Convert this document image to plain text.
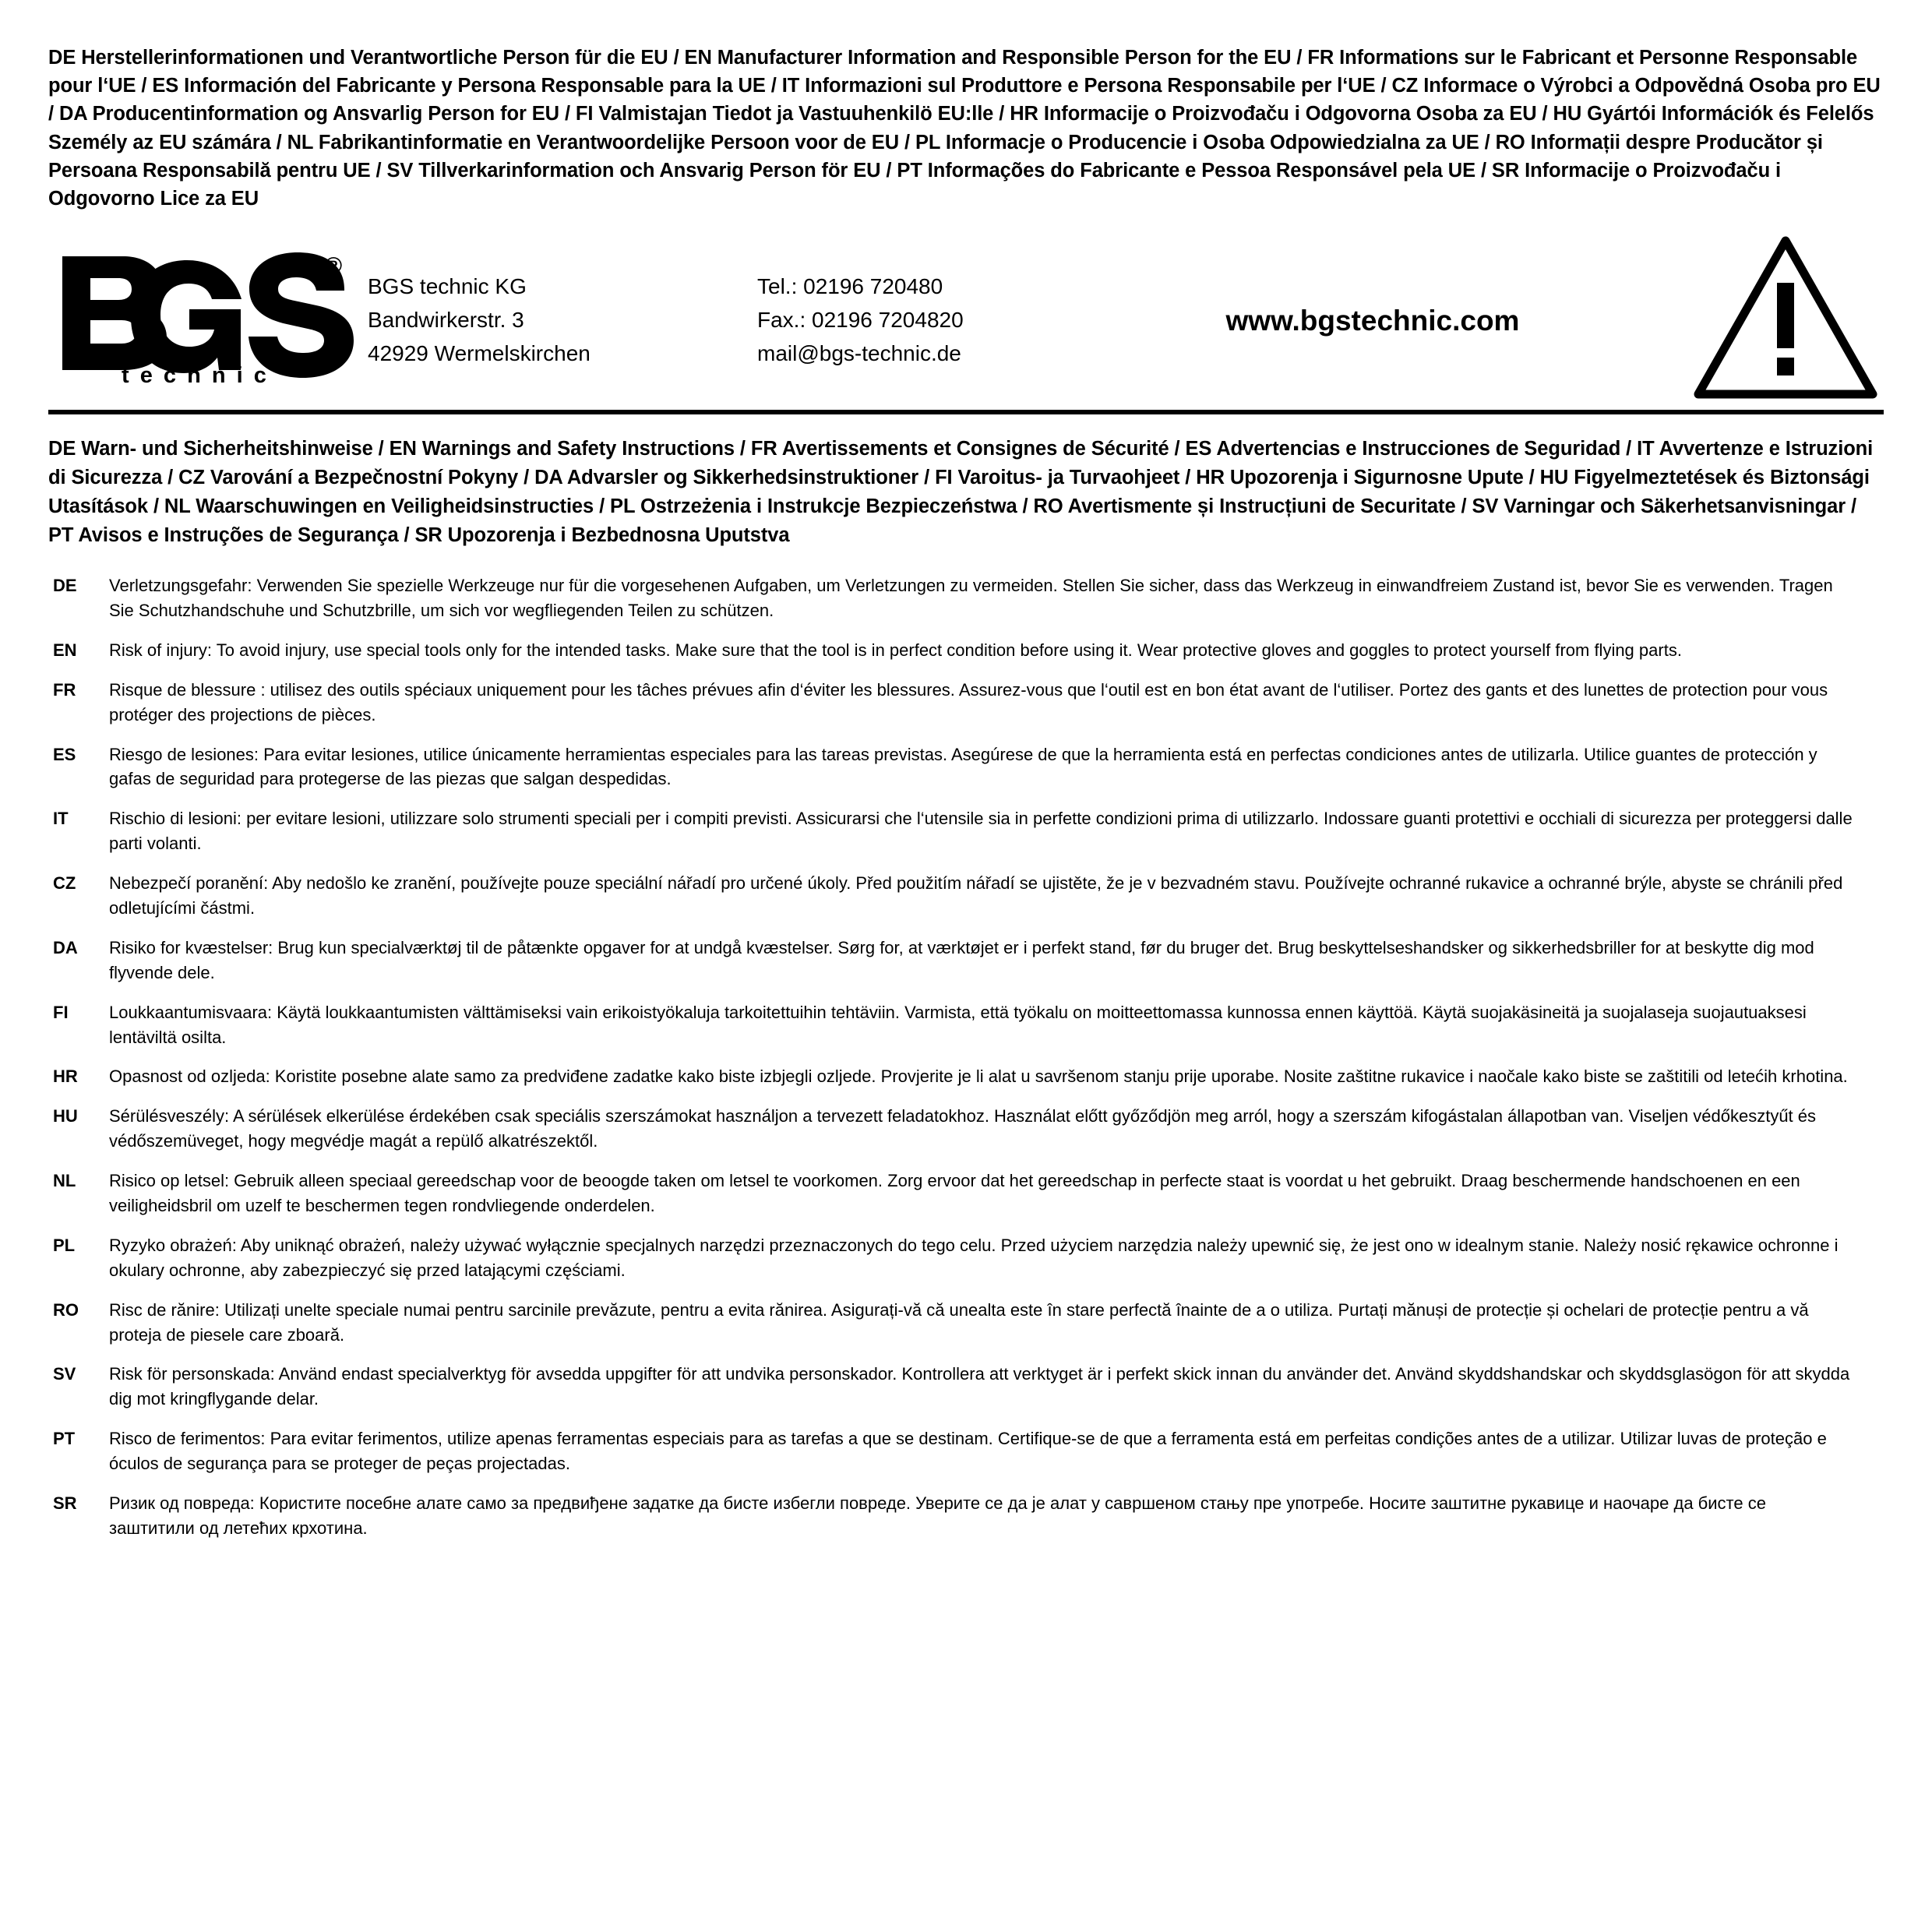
DE Herstellerinformationen und Verantwortliche Person für die EU / EN Manufacturer Information and Responsible Person for the EU / FR Informations sur le Fabricant et Personne Responsable pour l‘UE / ES Información del Fabricante y Persona Responsable para la UE / IT Informazioni sul Produttore e Persona Responsabile per l‘UE / CZ Informace o Výrobci a Odpovědná Osoba pro EU / DA Producentinformation og Ansvarlig Person for EU / FI Valmistajan Tiedot ja Vastuuhenkilö EU:lle / HR Informacije o Proizvođaču i Odgovorna Osoba za EU / HU Gyártói Információk és Felelős Személy az EU számára / NL Fabrikantinformatie en Verantwoordelijke Persoon voor de EU / PL Informacje o Producencie i Osoba Odpowiedzialna za UE / RO Informații despre Producător și Persoana Responsabilă pentru UE / SV Tillverkarinformation och Ansvarig Person för EU / PT Informações do Fabricante e Pessoa Responsável pela UE / SR Informacije o Proizvođaču i Odgovorno Lice za EU
®
t e c h n i c
BGS technic KG
Bandwirkerstr. 3
42929 Wermelskirchen
Tel.: 02196 720480
Fax.: 02196 7204820
mail@bgs-technic.de
www.bgstechnic.com
DE Warn- und Sicherheitshinweise / EN Warnings and Safety Instructions / FR Avertissements et Consignes de Sécurité / ES Advertencias e Instrucciones de Seguridad / IT Avvertenze e Istruzioni di Sicurezza / CZ Varování a Bezpečnostní Pokyny / DA Advarsler og Sikkerhedsinstruktioner / FI Varoitus- ja Turvaohjeet / HR Upozorenja i Sigurnosne Upute / HU Figyelmeztetések és Biztonsági Utasítások / NL Waarschuwingen en Veiligheidsinstructies / PL Ostrzeżenia i Instrukcje Bezpieczeństwa / RO Avertismente și Instrucțiuni de Securitate / SV Varningar och Säkerhetsanvisningar / PT Avisos e Instruções de Segurança / SR Upozorenja i Bezbednosna Uputstva
DE	Verletzungsgefahr: Verwenden Sie spezielle Werkzeuge nur für die vorgesehenen Aufgaben, um Verletzungen zu vermeiden. Stellen Sie sicher, dass das Werkzeug in einwandfreiem Zustand ist, bevor Sie es verwenden. Tragen Sie Schutzhandschuhe und Schutzbrille, um sich vor wegfliegenden Teilen zu schützen.
EN	Risk of injury: To avoid injury, use special tools only for the intended tasks. Make sure that the tool is in perfect condition before using it. Wear protective gloves and goggles to protect yourself from flying parts.
FR	Risque de blessure : utilisez des outils spéciaux uniquement pour les tâches prévues afin d‘éviter les blessures. Assurez-vous que l‘outil est en bon état avant de l‘utiliser. Portez des gants et des lunettes de protection pour vous protéger des projections de pièces.
ES	Riesgo de lesiones: Para evitar lesiones, utilice únicamente herramientas especiales para las tareas previstas. Asegúrese de que la herramienta está en perfectas condiciones antes de utilizarla. Utilice guantes de protección y gafas de seguridad para protegerse de las piezas que salgan despedidas.
IT	Rischio di lesioni: per evitare lesioni, utilizzare solo strumenti speciali per i compiti previsti. Assicurarsi che l‘utensile sia in perfette condizioni prima di utilizzarlo. Indossare guanti protettivi e occhiali di sicurezza per proteggersi dalle parti volanti.
CZ	Nebezpečí poranění: Aby nedošlo ke zranění, používejte pouze speciální nářadí pro určené úkoly. Před použitím nářadí se ujistěte, že je v bezvadném stavu. Používejte ochranné rukavice a ochranné brýle, abyste se chránili před odletujícími částmi.
DA	Risiko for kvæstelser: Brug kun specialværktøj til de påtænkte opgaver for at undgå kvæstelser. Sørg for, at værktøjet er i perfekt stand, før du bruger det. Brug beskyttelseshandsker og sikkerhedsbriller for at beskytte dig mod flyvende dele.
FI	Loukkaantumisvaara: Käytä loukkaantumisten välttämiseksi vain erikoistyökaluja tarkoitettuihin tehtäviin. Varmista, että työkalu on moitteettomassa kunnossa ennen käyttöä. Käytä suojakäsineitä ja suojalaseja suojautuaksesi lentäviltä osilta.
HR	Opasnost od ozljeda: Koristite posebne alate samo za predviđene zadatke kako biste izbjegli ozljede. Provjerite je li alat u savršenom stanju prije uporabe. Nosite zaštitne rukavice i naočale kako biste se zaštitili od letećih krhotina.
HU	Sérülésveszély: A sérülések elkerülése érdekében csak speciális szerszámokat használjon a tervezett feladatokhoz. Használat előtt győződjön meg arról, hogy a szerszám kifogástalan állapotban van. Viseljen védőkesztyűt és védőszemüveget, hogy megvédje magát a repülő alkatrészektől.
NL	Risico op letsel: Gebruik alleen speciaal gereedschap voor de beoogde taken om letsel te voorkomen. Zorg ervoor dat het gereedschap in perfecte staat is voordat u het gebruikt. Draag beschermende handschoenen en een veiligheidsbril om uzelf te beschermen tegen rondvliegende onderdelen.
PL	Ryzyko obrażeń: Aby uniknąć obrażeń, należy używać wyłącznie specjalnych narzędzi przeznaczonych do tego celu. Przed użyciem narzędzia należy upewnić się, że jest ono w idealnym stanie. Należy nosić rękawice ochronne i okulary ochronne, aby zabezpieczyć się przed latającymi częściami.
RO	Risc de rănire: Utilizați unelte speciale numai pentru sarcinile prevăzute, pentru a evita rănirea. Asigurați-vă că unealta este în stare perfectă înainte de a o utiliza. Purtați mănuși de protecție și ochelari de protecție pentru a vă proteja de piesele care zboară.
SV	Risk för personskada: Använd endast specialverktyg för avsedda uppgifter för att undvika personskador. Kontrollera att verktyget är i perfekt skick innan du använder det. Använd skyddshandskar och skyddsglasögon för att skydda dig mot kringflygande delar.
PT	Risco de ferimentos: Para evitar ferimentos, utilize apenas ferramentas especiais para as tarefas a que se destinam. Certifique-se de que a ferramenta está em perfeitas condições antes de a utilizar. Utilizar luvas de proteção e óculos de segurança para se proteger de peças projectadas.
SR	Ризик од повреда: Користите посебне алате само за предвиђене задатке да бисте избегли повреде. Уверите се да је алат у савршеном стању пре употребе. Носите заштитне рукавице и наочаре да бисте се заштитили од летећих крхотина.
